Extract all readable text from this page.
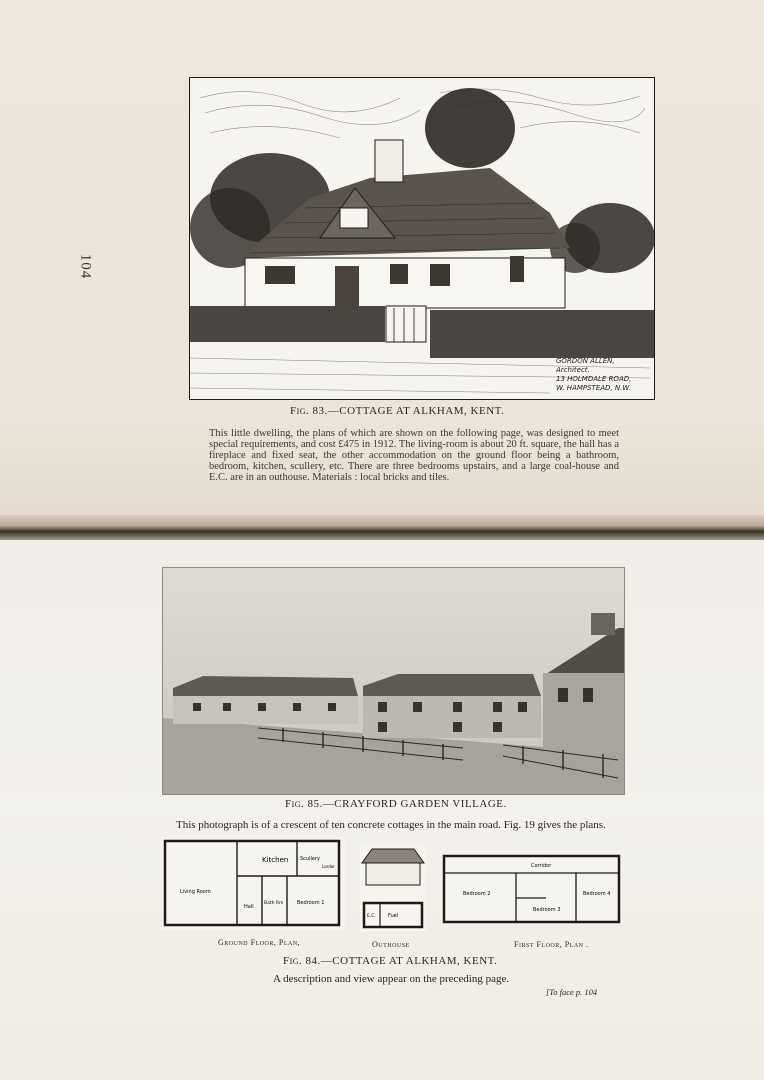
104
GORDON ALLEN,
Architect.
13 HOLMDALE ROAD,
W. HAMPSTEAD, N.W.
Fig. 83.—COTTAGE AT ALKHAM, KENT.
This little dwelling, the plans of which are shown on the following page, was designed to meet special requirements, and cost £475 in 1912. The living-room is about 20 ft. square, the hall has a fireplace and fixed seat, the other accommodation on the ground floor being a bathroom, bedroom, kitchen, scullery, etc. There are three bedrooms upstairs, and a large coal-house and E.C. are in an outhouse. Materials : local bricks and tiles.
Fig. 85.—CRAYFORD GARDEN VILLAGE.
This photograph is of a crescent of ten concrete cottages in the main road. Fig. 19 gives the plans.
Kitchen Scullery
Larder
Living Room
Hall
Bath Rm	Bedroom 1
E.C. Fuel
Corridor
Bedroom 2
Bedroom 3
Bedroom 4
Ground Floor, Plan,	Outhouse	First Floor, Plan .
Fig. 84.—COTTAGE AT ALKHAM, KENT.
A description and view appear on the preceding page.
[To face p. 104
